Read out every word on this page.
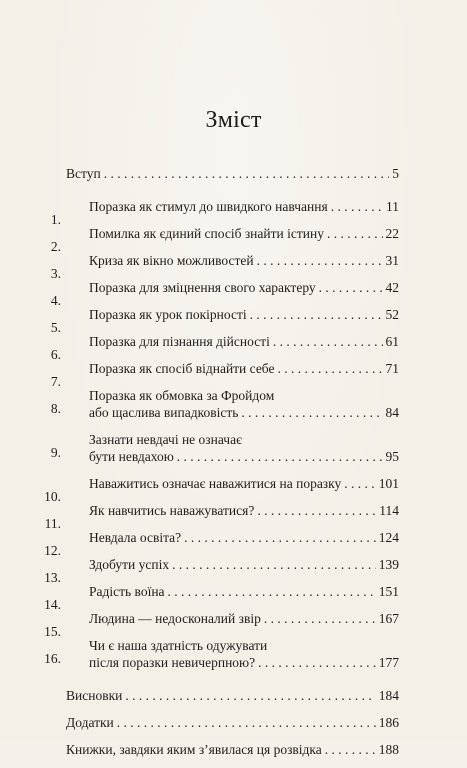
Зміст
Вступ . . .	5
1.
Поразка як стимул до швидкого навчання . . .	11
2.
Помилка як єдиний спосіб знайти істину . . .	22
3.
Криза як вікно можливостей . . .	31
4.
Поразка для зміцнення свого характеру . . .	42
5.
Поразка як урок покірності . . .	52
6.
Поразка для пізнання дійсності . . .	61
7.
Поразка як спосіб віднайти себе . . .	71
8.
Поразка як обмовка за Фройдом
або щаслива випадковість . . .	84
9.
Зазнати невдачі не означає
бути невдахою . . .	95
10.
Наважитись означає наважитися на поразку . . .	101
11.
Як навчитись наважуватися? . . .	114
12.
Невдала освіта? . . .	124
13.
Здобути успіх . . .	139
14.
Радість воїна . . .	151
15.
Людина — недосконалий звір . . .	167
16.
Чи є наша здатність одужувати
після поразки невичерпною? . . .	177
Висновки . . .	184
Додатки . . .	186
Книжки, завдяки яким з’явилася ця розвідка . . .	188
